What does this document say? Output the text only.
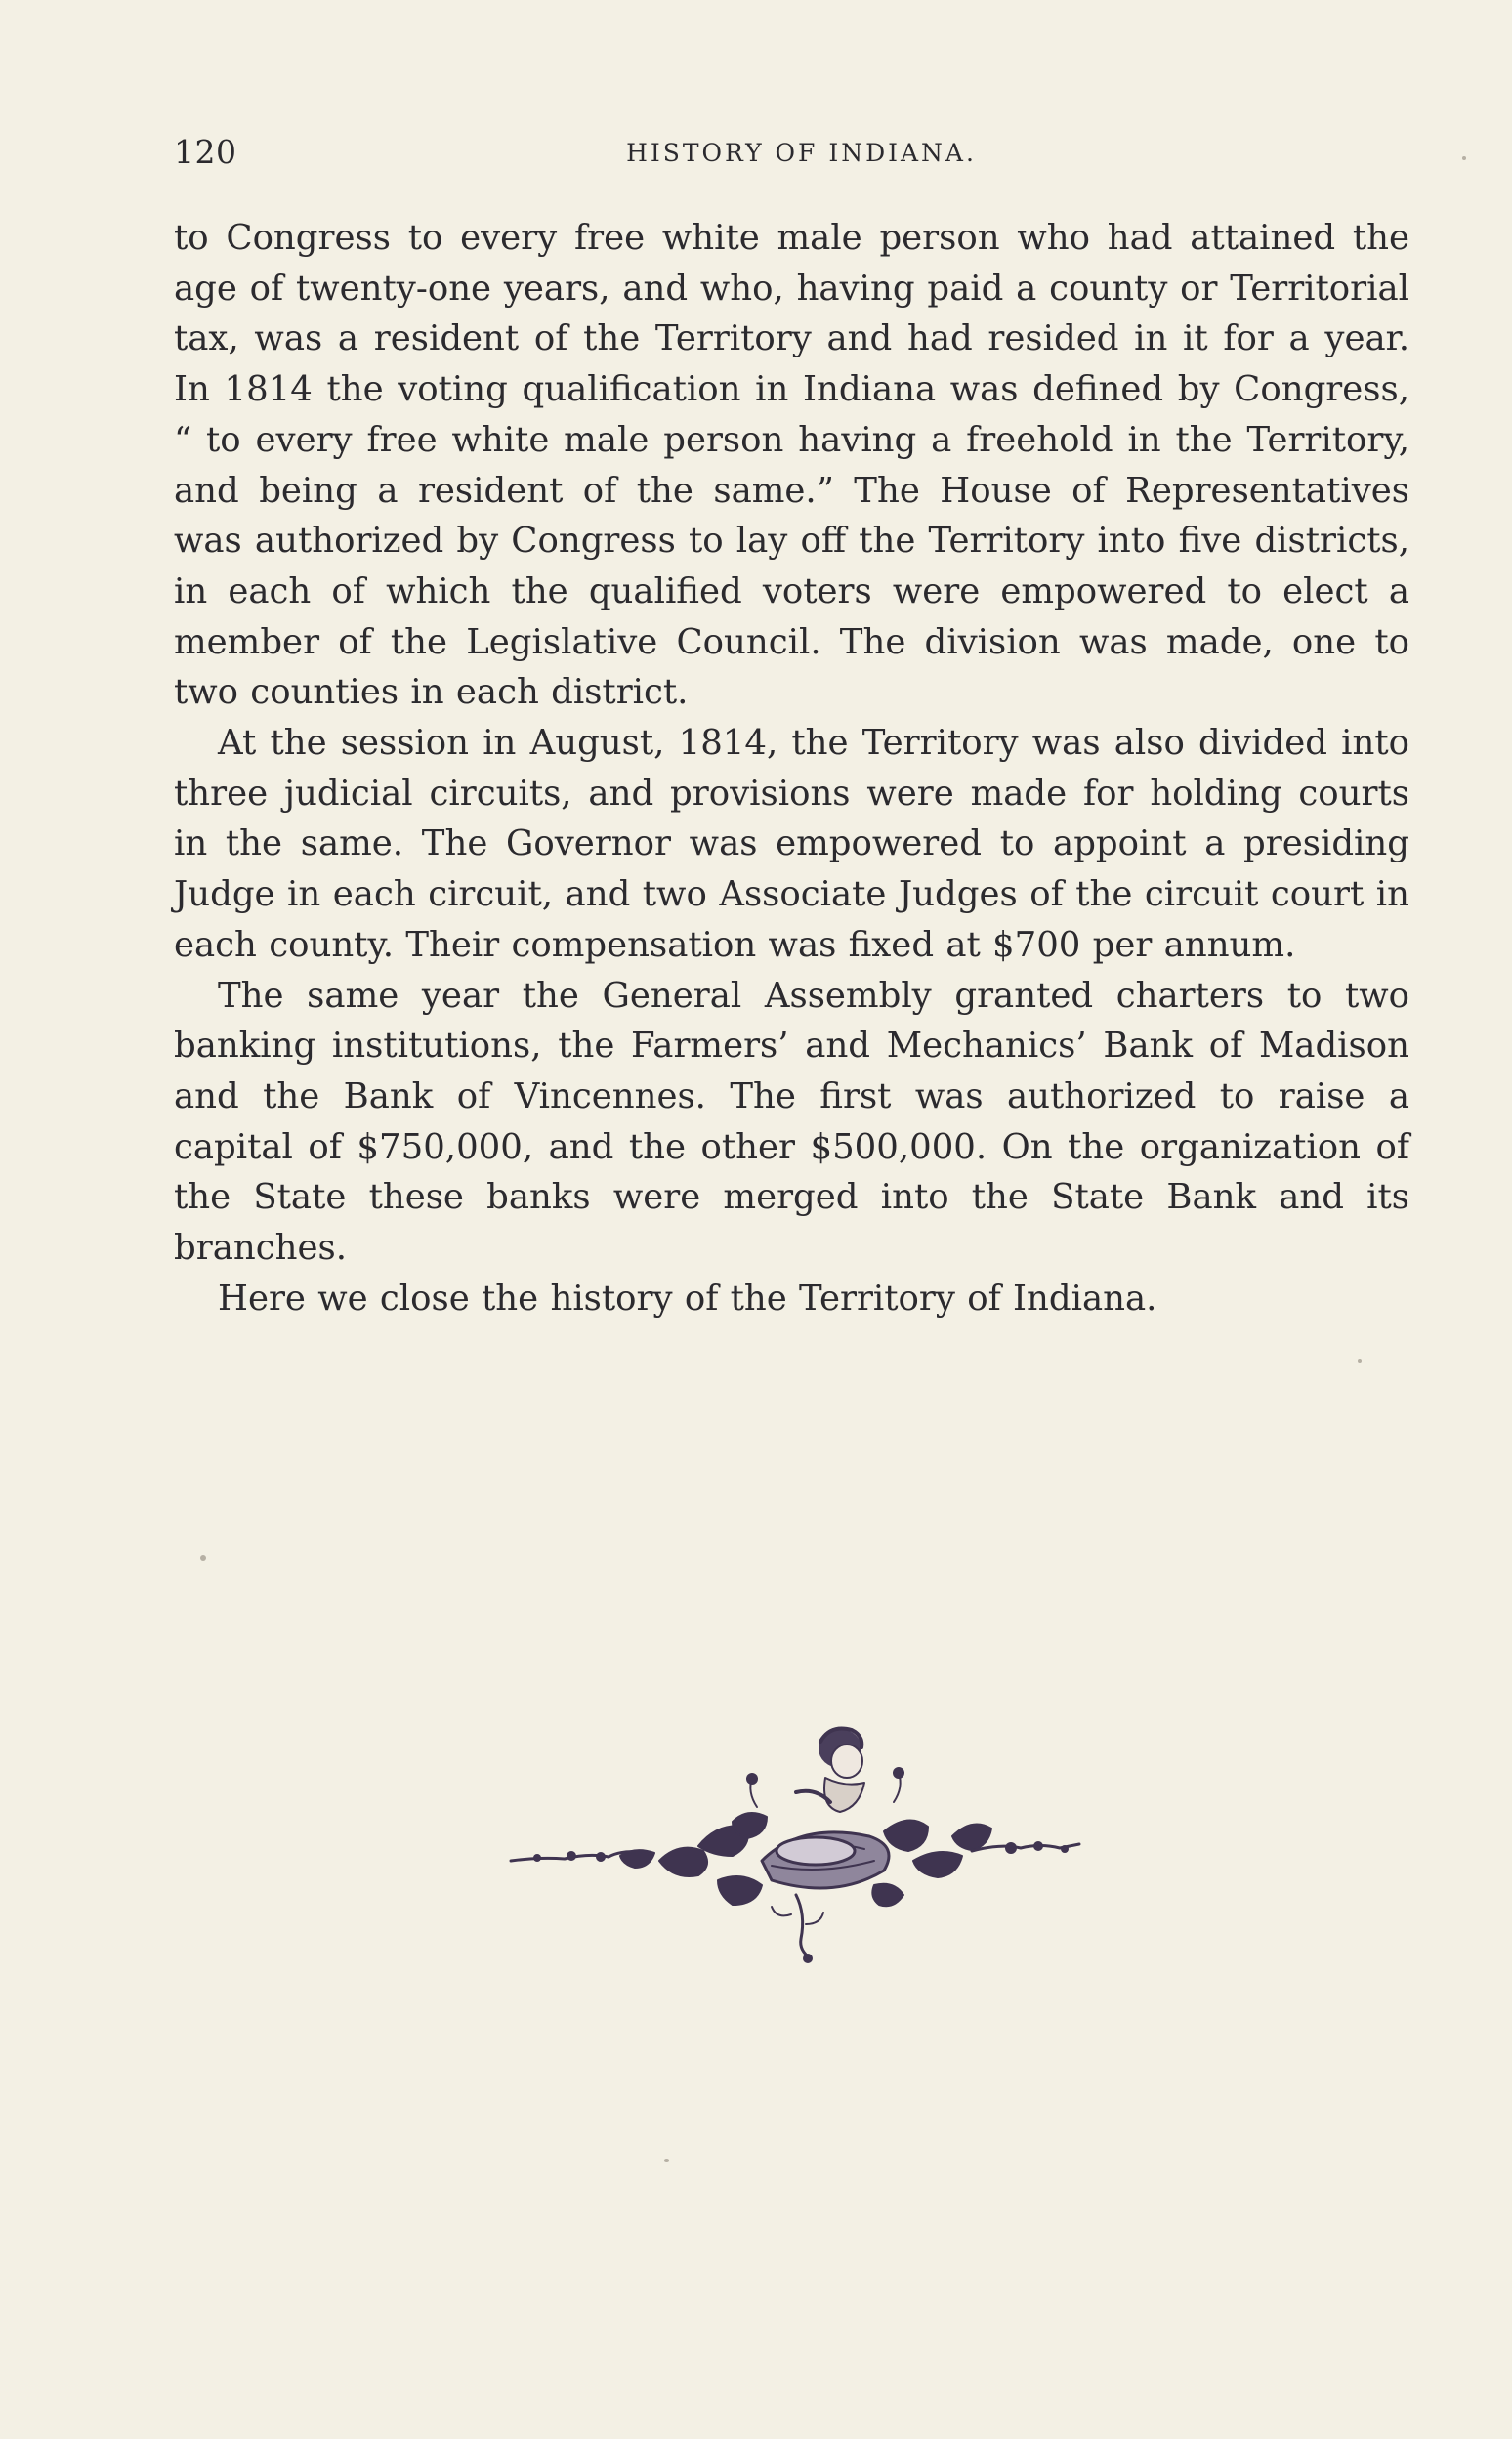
120	HISTORY OF INDIANA.

to Congress to every free white male person who had attained the age of twenty-one years, and who, having paid a county or Territorial tax, was a resident of the Territory and had resided in it for a year. In 1814 the voting qualification in Indiana was defined by Congress, “ to every free white male person having a freehold in the Territory, and being a resident of the same.” The House of Representatives was authorized by Congress to lay off the Territory into five districts, in each of which the qualified voters were empowered to elect a member of the Legislative Council. The division was made, one to two counties in each district.

At the session in August, 1814, the Territory was also divided into three judicial circuits, and provisions were made for holding courts in the same. The Governor was empowered to appoint a presiding Judge in each circuit, and two Associate Judges of the circuit court in each county. Their compensation was fixed at $700 per annum.

The same year the General Assembly granted charters to two banking institutions, the Farmers’ and Mechanics’ Bank of Madison and the Bank of Vincennes. The first was authorized to raise a capital of $750,000, and the other $500,000. On the organization of the State these banks were merged into the State Bank and its branches.

Here we close the history of the Territory of Indiana.
